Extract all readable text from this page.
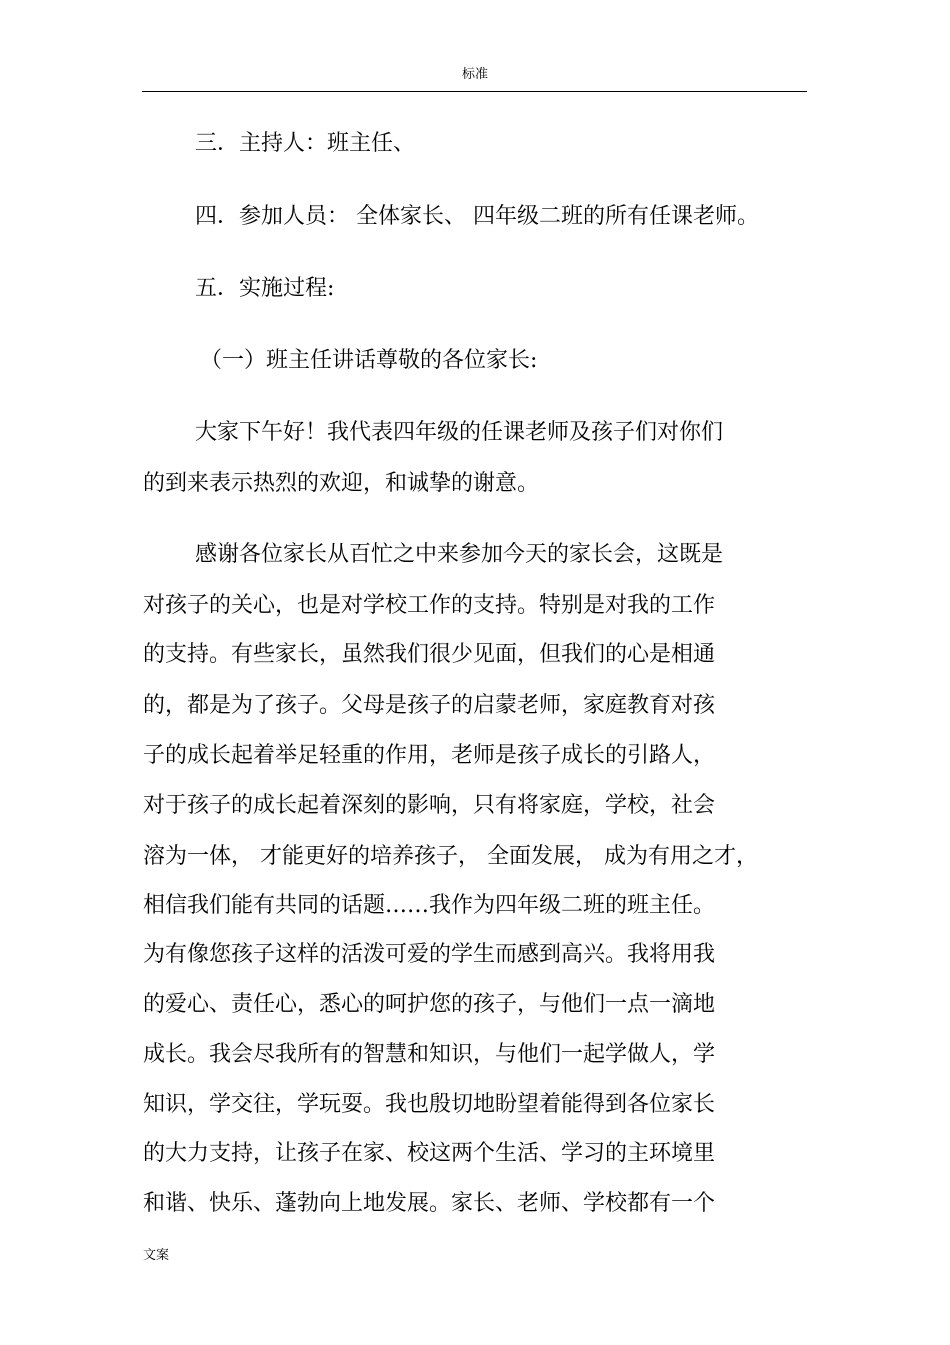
标准
三．主持人：班主任、
四．参加人员： 全体家长、 四年级二班的所有任课老师。
五．实施过程:
（一）班主任讲话尊敬的各位家长:
大家下午好！我代表四年级的任课老师及孩子们对你们
的到来表示热烈的欢迎，和诚挚的谢意。
感谢各位家长从百忙之中来参加今天的家长会，这既是
对孩子的关心，也是对学校工作的支持。特别是对我的工作
的支持。有些家长，虽然我们很少见面，但我们的心是相通
的，都是为了孩子。父母是孩子的启蒙老师，家庭教育对孩
子的成长起着举足轻重的作用，老师是孩子成长的引路人，
对于孩子的成长起着深刻的影响，只有将家庭，学校，社会
溶为一体， 才能更好的培养孩子， 全面发展， 成为有用之才，
相信我们能有共同的话题……我作为四年级二班的班主任。
为有像您孩子这样的活泼可爱的学生而感到高兴。我将用我
的爱心、责任心，悉心的呵护您的孩子，与他们一点一滴地
成长。我会尽我所有的智慧和知识，与他们一起学做人，学
知识，学交往，学玩耍。我也殷切地盼望着能得到各位家长
的大力支持，让孩子在家、校这两个生活、学习的主环境里
和谐、快乐、蓬勃向上地发展。家长、老师、学校都有一个
文案
